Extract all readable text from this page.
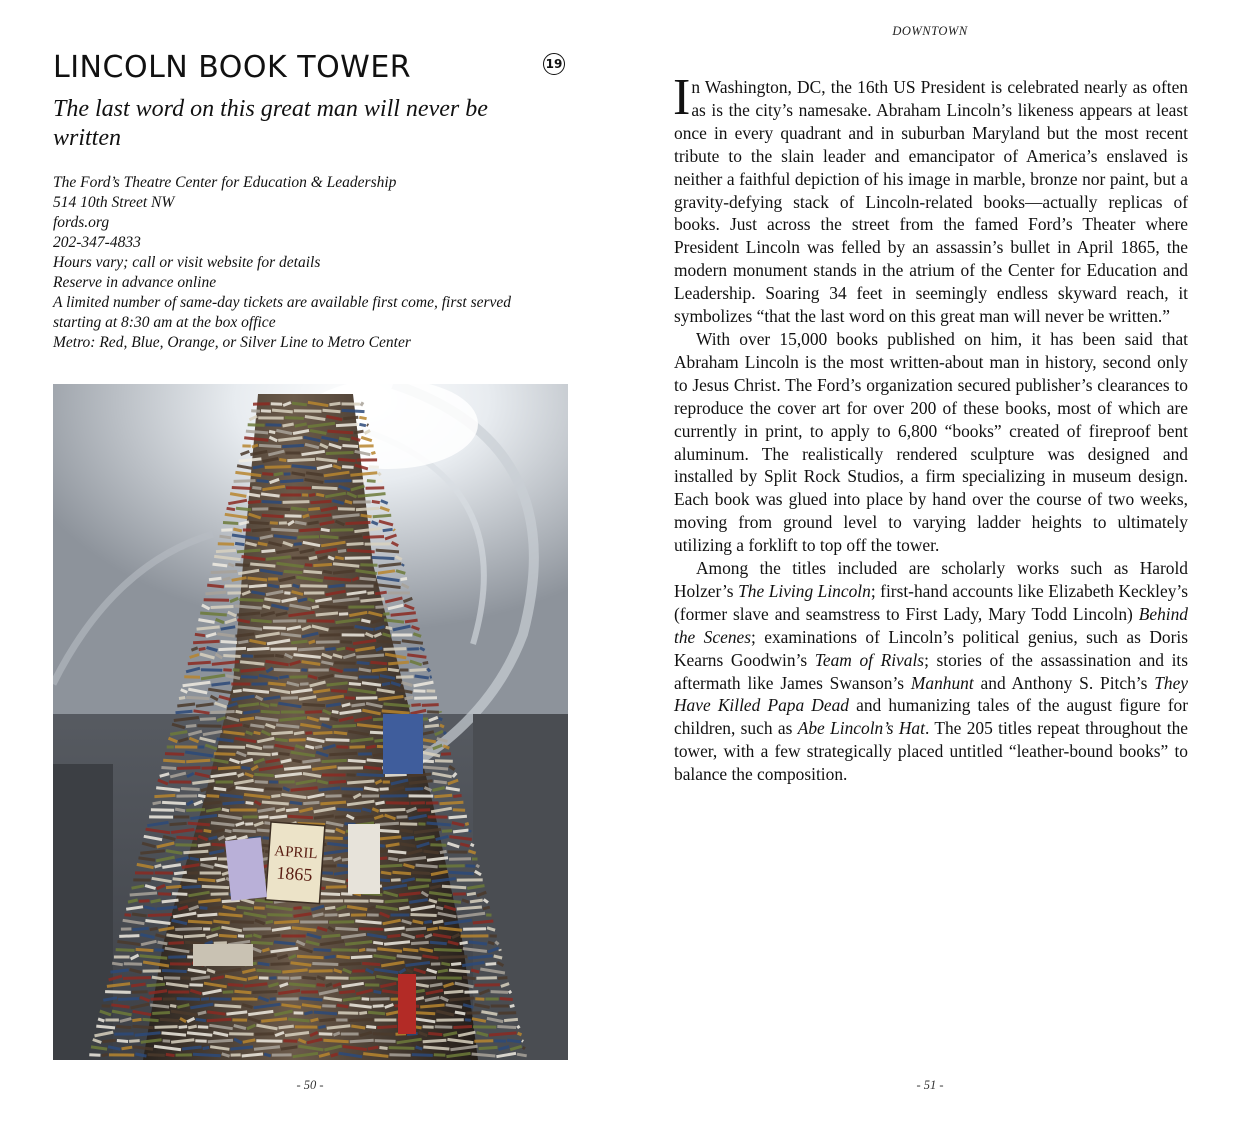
LINCOLN BOOK TOWER	19
The last word on this great man will never be written
The Ford’s Theatre Center for Education & Leadership
514 10th Street NW
fords.org
202-347-4833
Hours vary; call or visit website for details
Reserve in advance online
A limited number of same-day tickets are available first come, first served
starting at 8:30 am at the box office
Metro: Red, Blue, Orange, or Silver Line to Metro Center
APRIL
1865
- 50 -
DOWNTOWN

In Washington, DC, the 16th US President is celebrated nearly as often as is the city’s namesake. Abraham Lincoln’s likeness appears at least once in every quadrant and in suburban Maryland but the most recent tribute to the slain leader and emancipator of America’s enslaved is neither a faithful depiction of his image in marble, bronze nor paint, but a gravity-defying stack of Lincoln-related books—actually replicas of books. Just across the street from the famed Ford’s Theater where President Lincoln was felled by an assassin’s bullet in April 1865, the modern monument stands in the atrium of the Center for Education and Leadership. Soaring 34 feet in seemingly endless skyward reach, it symbolizes “that the last word on this great man will never be written.”

With over 15,000 books published on him, it has been said that Abraham Lincoln is the most written-about man in history, second only to Jesus Christ. The Ford’s organization secured publisher’s clearances to reproduce the cover art for over 200 of these books, most of which are currently in print, to apply to 6,800 “books” created of fireproof bent aluminum. The realistically rendered sculpture was designed and installed by Split Rock Studios, a firm specializing in museum design. Each book was glued into place by hand over the course of two weeks, moving from ground level to varying ladder heights to ultimately utilizing a forklift to top off the tower.

Among the titles included are scholarly works such as Harold Holzer’s The Living Lincoln; first-hand accounts like Elizabeth Keckley’s (former slave and seamstress to First Lady, Mary Todd Lincoln) Behind the Scenes; examinations of Lincoln’s political genius, such as Doris Kearns Goodwin’s Team of Rivals; stories of the assassination and its aftermath like James Swanson’s Manhunt and Anthony S. Pitch’s They Have Killed Papa Dead and humanizing tales of the august figure for children, such as Abe Lincoln’s Hat. The 205 titles repeat throughout the tower, with a few strategically placed untitled “leather-bound books” to balance the composition.

- 51 -
